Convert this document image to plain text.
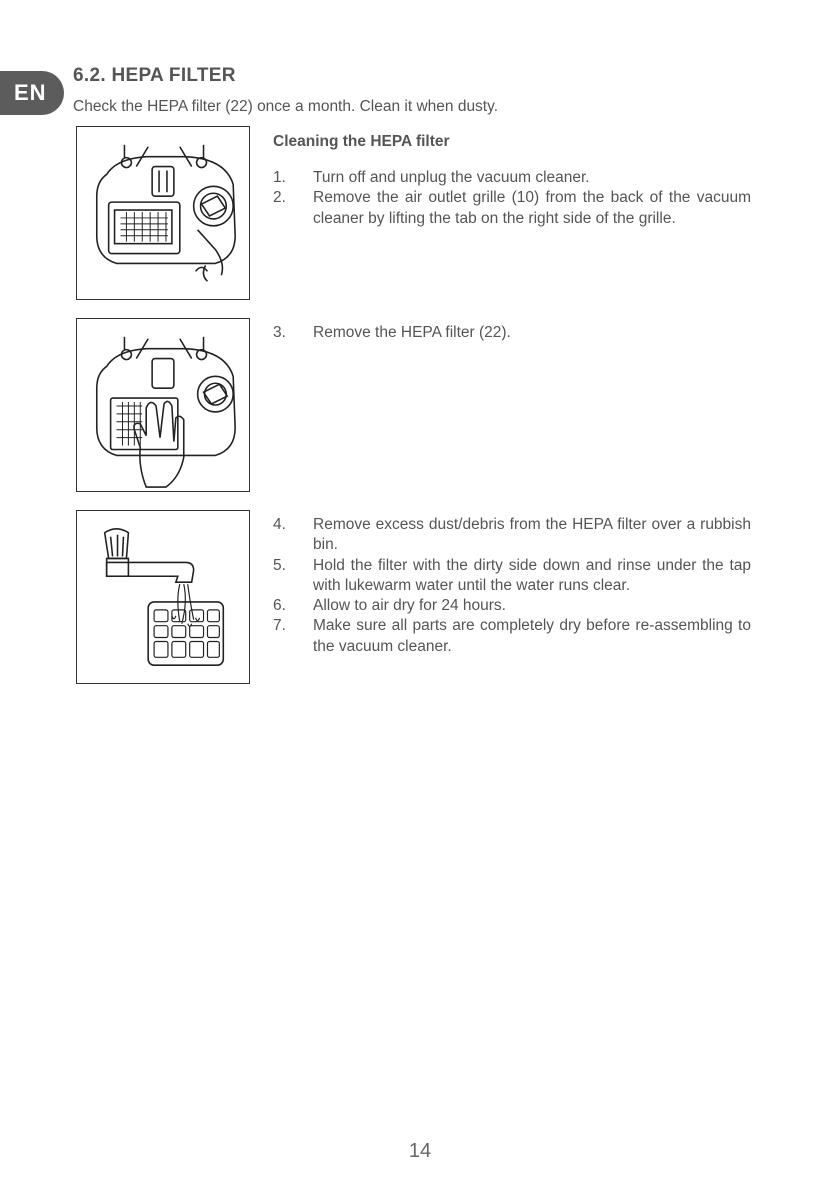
EN
6.2. HEPA FILTER

Check the HEPA filter (22) once a month. Clean it when dusty.

Cleaning the HEPA filter

1.	Turn off and unplug the vacuum cleaner.
2.	Remove the air outlet grille (10) from the back of the vacuum cleaner by lifting the tab on the right side of the grille.
3.	Remove the HEPA filter (22).
4.	Remove excess dust/debris from the HEPA filter over a rubbish bin.
5.	Hold the filter with the dirty side down and rinse under the tap with lukewarm water until the water runs clear.
6.	Allow to air dry for 24 hours.
7.	Make sure all parts are completely dry before re-assembling to the vacuum cleaner.
14
